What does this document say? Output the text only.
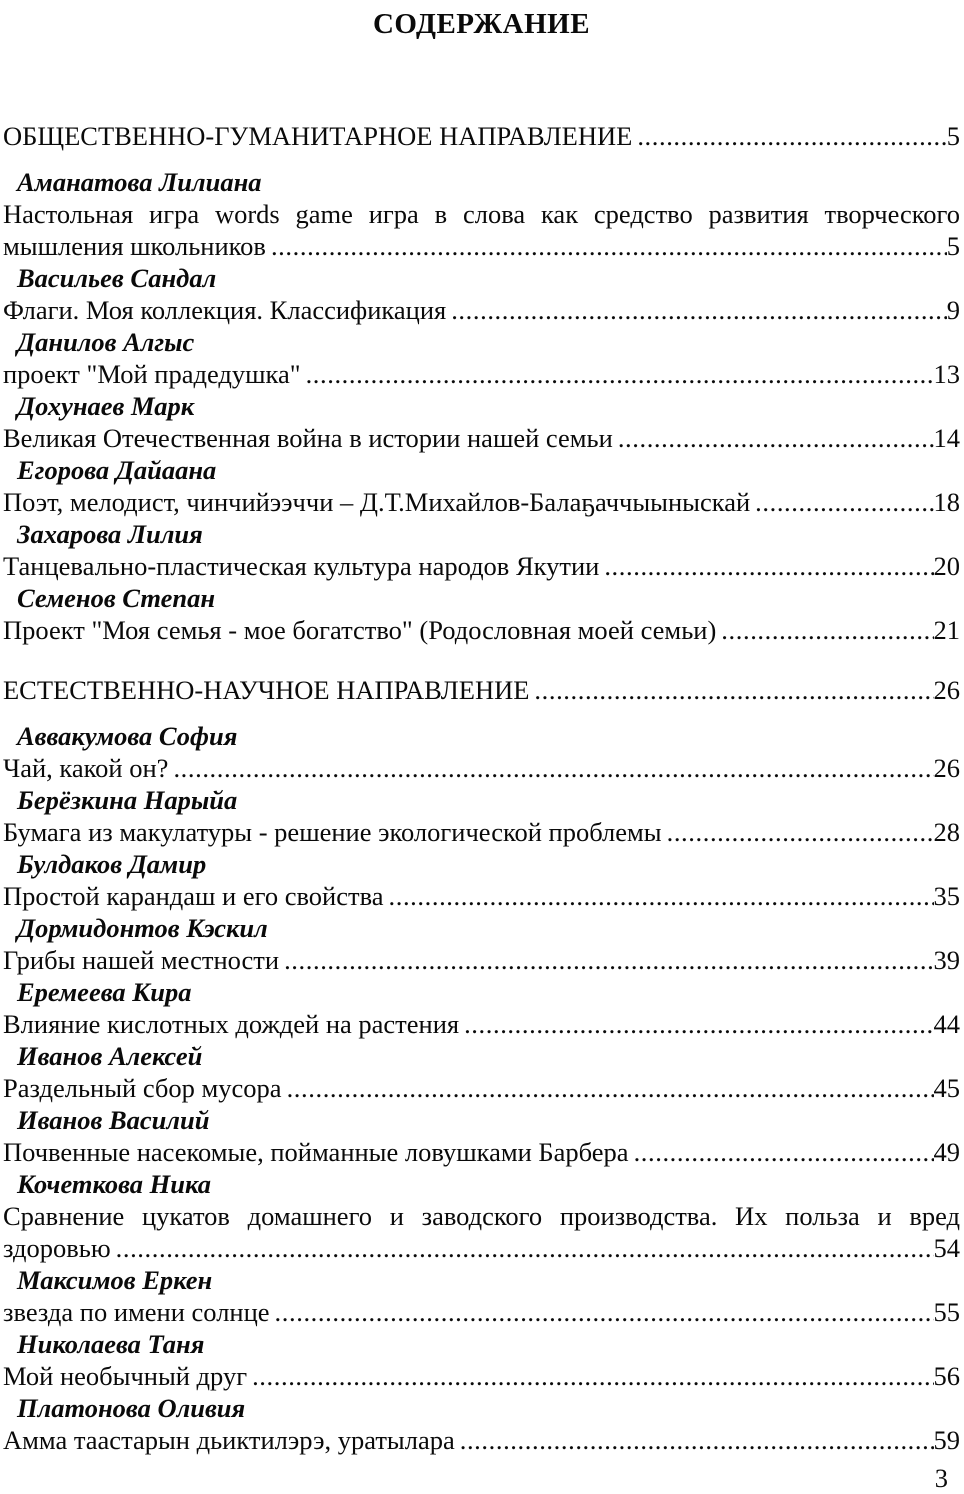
СОДЕРЖАНИЕ
ОБЩЕСТВЕННО-ГУМАНИТАРНОЕ НАПРАВЛЕНИЕ .....	5
Аманатова Лилиана
Настольная игра words game игра в слова как средство развития творческого
мышления школьников .....	5
Васильев Сандал
Флаги. Моя коллекция. Классификация .....	9
Данилов Алгыс
проект "Мой прадедушка" .....	13
Дохунаев Марк
Великая Отечественная война в истории нашей семьи .....	14
Егорова Дайаана
Поэт, мелодист, чинчийээччи – Д.Т.Михайлов-Балаҕаччыыныскай .....	18
Захарова Лилия
Танцевально-пластическая культура народов Якутии .....	20
Семенов Степан
Проект "Моя семья - мое богатство" (Родословная моей семьи) .....	21
ЕСТЕСТВЕННО-НАУЧНОЕ НАПРАВЛЕНИЕ .....	26
Аввакумова София
Чай, какой он? .....	26
Берёзкина Нарыйа
Бумага из макулатуры - решение экологической проблемы .....	28
Булдаков Дамир
Простой карандаш и его свойства .....	35
Дормидонтов Кэскил
Грибы нашей местности .....	39
Еремеева Кира
Влияние кислотных дождей на растения .....	44
Иванов Алексей
Раздельный сбор мусора .....	45
Иванов Василий
Почвенные насекомые, пойманные ловушками Барбера .....	49
Кочеткова Ника
Сравнение цукатов домашнего и заводского производства. Их польза и вред
здоровью .....	54
Максимов Еркен
звезда по имени солнце .....	55
Николаева Таня
Мой необычный друг .....	56
Платонова Оливия
Амма таастарын дьиктилэрэ, уратылара .....	59
3
